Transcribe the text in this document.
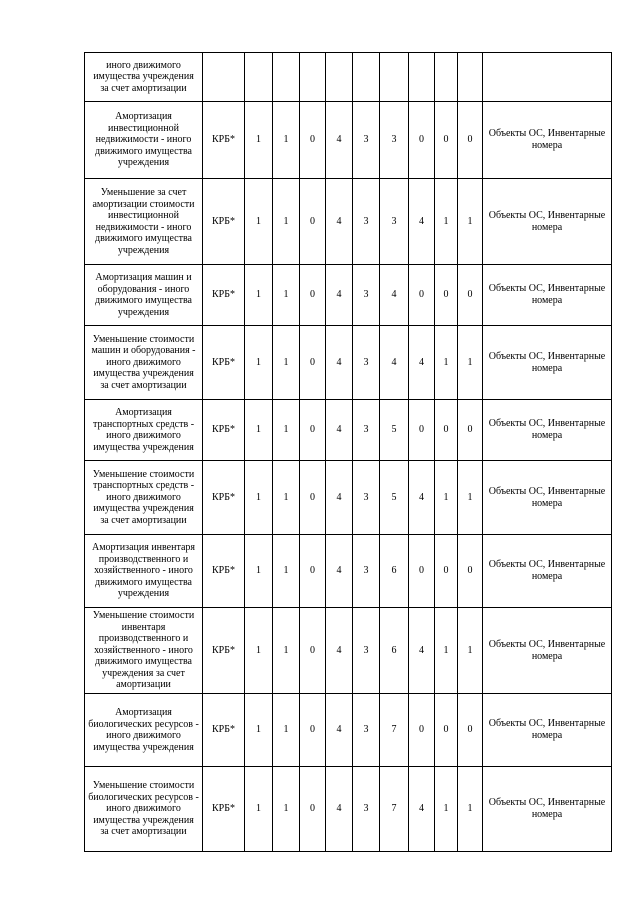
иного движимого имущества учреждения за счет амортизации											
Амортизация инвестиционной недвижимости - иного движимого имущества учреждения	КРБ*	1	1	0	4	3	3	0	0	0	Объекты ОС, Инвентарные номера
Уменьшение за счет амортизации стоимости инвестиционной недвижимости - иного движимого имущества учреждения	КРБ*	1	1	0	4	3	3	4	1	1	Объекты ОС, Инвентарные номера
Амортизация машин и оборудования - иного движимого имущества учреждения	КРБ*	1	1	0	4	3	4	0	0	0	Объекты ОС, Инвентарные номера
Уменьшение стоимости машин и оборудования - иного движимого имущества учреждения за счет амортизации	КРБ*	1	1	0	4	3	4	4	1	1	Объекты ОС, Инвентарные номера
Амортизация транспортных средств - иного движимого имущества учреждения	КРБ*	1	1	0	4	3	5	0	0	0	Объекты ОС, Инвентарные номера
Уменьшение стоимости транспортных средств - иного движимого имущества учреждения за счет амортизации	КРБ*	1	1	0	4	3	5	4	1	1	Объекты ОС, Инвентарные номера
Амортизация инвентаря производственного и хозяйственного - иного движимого имущества учреждения	КРБ*	1	1	0	4	3	6	0	0	0	Объекты ОС, Инвентарные номера
Уменьшение стоимости инвентаря производственного и хозяйственного - иного движимого имущества учреждения за счет амортизации	КРБ*	1	1	0	4	3	6	4	1	1	Объекты ОС, Инвентарные номера
Амортизация биологических ресурсов - иного движимого имущества учреждения	КРБ*	1	1	0	4	3	7	0	0	0	Объекты ОС, Инвентарные номера
Уменьшение стоимости биологических ресурсов - иного движимого имущества учреждения за счет амортизации	КРБ*	1	1	0	4	3	7	4	1	1	Объекты ОС, Инвентарные номера
